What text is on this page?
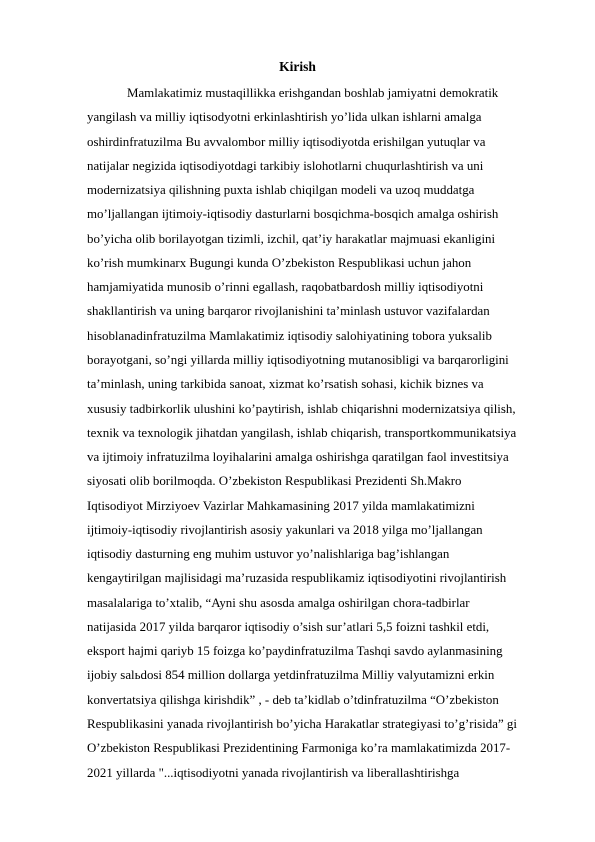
Kirish

Mamlakatimiz mustaqillikka erishgandan boshlab jamiyatni demokratik

yangilash va milliy iqtisodyotni erkinlashtirish yo’lida ulkan ishlarni amalga

oshirdinfratuzilma Bu avvalombor milliy iqtisodiyotda erishilgan yutuqlar va

natijalar negizida iqtisodiyotdagi tarkibiy islohotlarni chuqurlashtirish va uni

modernizatsiya qilishning puxta ishlab chiqilgan modeli va uzoq muddatga

mo’ljallangan ijtimoiy-iqtisodiy dasturlarni bosqichma-bosqich amalga oshirish

bo’yicha olib borilayotgan tizimli, izchil, qat’iy harakatlar majmuasi ekanligini

ko’rish mumkinarx Bugungi kunda O’zbekiston Respublikasi uchun jahon

hamjamiyatida munosib o’rinni egallash, raqobatbardosh milliy iqtisodiyotni

shakllantirish va uning barqaror rivojlanishini ta’minlash ustuvor vazifalardan

hisoblanadinfratuzilma Mamlakatimiz iqtisodiy salohiyatining tobora yuksalib

borayotgani, so’ngi yillarda milliy iqtisodiyotning mutanosibligi va barqarorligini

ta’minlash, uning tarkibida sanoat, xizmat ko’rsatish sohasi, kichik biznes va

xususiy tadbirkorlik ulushini ko’paytirish, ishlab chiqarishni modernizatsiya qilish,

texnik va texnologik jihatdan yangilash, ishlab chiqarish, transportkommunikatsiya

va ijtimoiy infratuzilma loyihalarini amalga oshirishga qaratilgan faol investitsiya

siyosati olib borilmoqda. O’zbekiston Respublikasi Prezidenti Sh.Makro

Iqtisodiyot Mirziyoev Vazirlar Mahkamasining 2017 yilda mamlakatimizni

ijtimoiy-iqtisodiy rivojlantirish asosiy yakunlari va 2018 yilga mo’ljallangan

iqtisodiy dasturning eng muhim ustuvor yo’nalishlariga bag’ishlangan

kengaytirilgan majlisidagi ma’ruzasida respublikamiz iqtisodiyotini rivojlantirish

masalalariga to’xtalib, “Ayni shu asosda amalga oshirilgan chora-tadbirlar

natijasida 2017 yilda barqaror iqtisodiy o’sish sur’atlari 5,5 foizni tashkil etdi,

eksport hajmi qariyb 15 foizga ko’paydinfratuzilma Tashqi savdo aylanmasining

ijobiy salьdosi 854 million dollarga yetdinfratuzilma Milliy valyutamizni erkin

konvertatsiya qilishga kirishdik” , - deb ta’kidlab o’tdinfratuzilma “O’zbekiston

Respublikasini yanada rivojlantirish bo’yicha Harakatlar strategiyasi to’g’risida” gi

O’zbekiston Respublikasi Prezidentining Farmoniga ko’ra mamlakatimizda 2017-

2021 yillarda "...iqtisodiyotni yanada rivojlantirish va liberallashtirishga
